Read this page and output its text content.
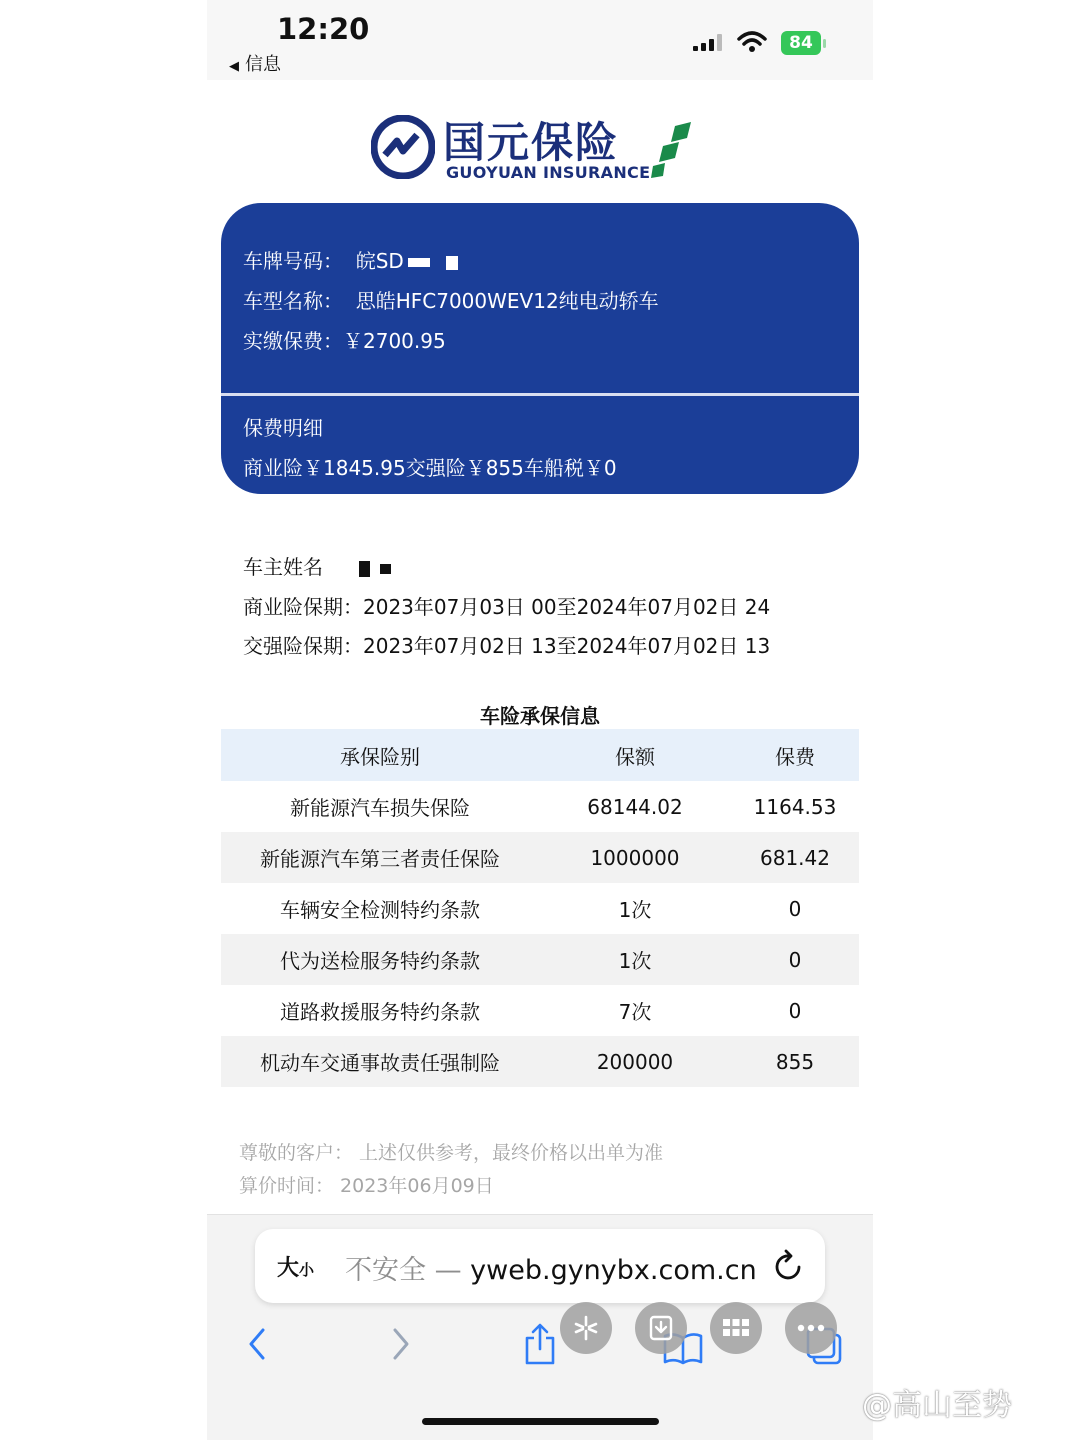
12:20
◀ 信息
84
国元保险
GUOYUAN INSURANCE
车牌号码： 皖SD
车型名称： 思皓HFC7000WEV12纯电动轿车
实缴保费：￥2700.95
保费明细
商业险￥1845.95交强险￥855车船税￥0
车主姓名
商业险保期：2023年07月03日 00至2024年07月02日 24
交强险保期：2023年07月02日 13至2024年07月02日 13
车险承保信息
承保险别	保额	保费
新能源汽车损失保险	68144.02	1164.53
新能源汽车第三者责任保险	1000000	681.42
车辆安全检测特约条款	1次	0
代为送检服务特约条款	1次	0
道路救援服务特约条款	7次	0
机动车交通事故责任强制险	200000	855
尊敬的客户： 上述仅供参考，最终价格以出单为准
算价时间： 2023年06月09日
大小 不安全 — yweb.gynybx.com.cn
@高山至势
